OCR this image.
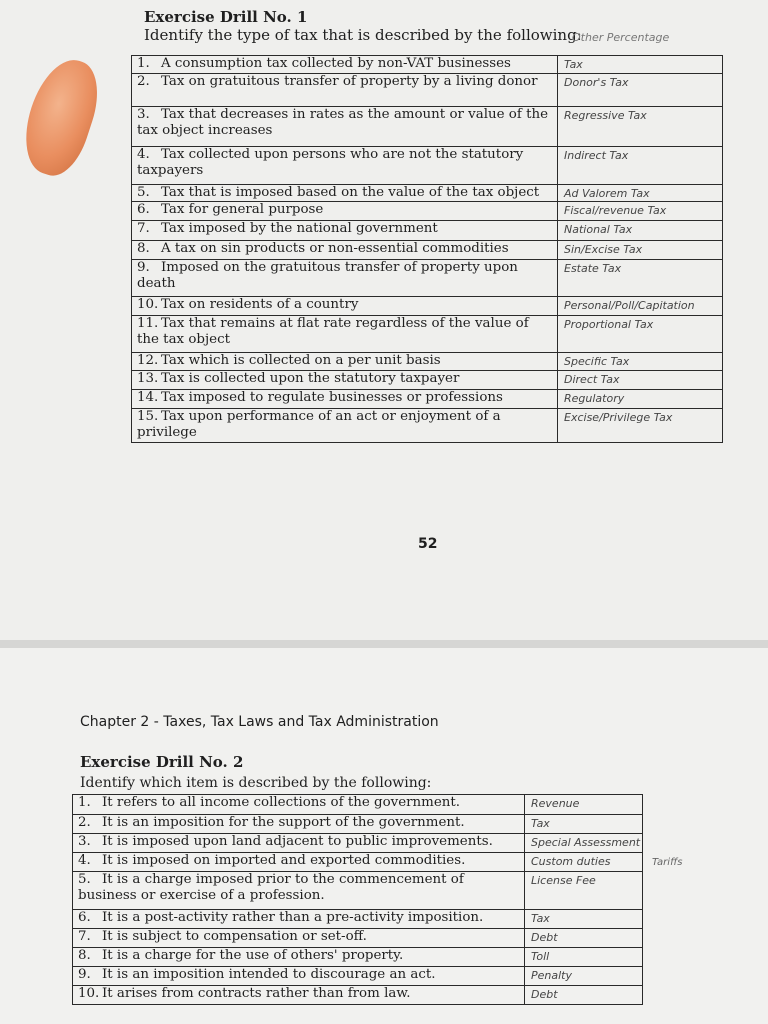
Exercise Drill No. 1
Identify the type of tax that is described by the following:
Other Percentage
1. A consumption tax collected by non-VAT businesses	Tax
2. Tax on gratuitous transfer of property by a living donor	Donor's Tax
3. Tax that decreases in rates as the amount or value of the tax object increases	Regressive Tax
4. Tax collected upon persons who are not the statutory taxpayers	Indirect Tax
5. Tax that is imposed based on the value of the tax object	Ad Valorem Tax
6. Tax for general purpose	Fiscal/revenue Tax
7. Tax imposed by the national government	National Tax
8. A tax on sin products or non-essential commodities	Sin/Excise Tax
9. Imposed on the gratuitous transfer of property upon death	Estate Tax
10. Tax on residents of a country	Personal/Poll/Capitation
11. Tax that remains at flat rate regardless of the value of the tax object	Proportional Tax
12. Tax which is collected on a per unit basis	Specific Tax
13. Tax is collected upon the statutory taxpayer	Direct Tax
14. Tax imposed to regulate businesses or professions	Regulatory
15. Tax upon performance of an act or enjoyment of a privilege	Excise/Privilege Tax
52
Chapter 2 - Taxes, Tax Laws and Tax Administration
Exercise Drill No. 2
Identify which item is described by the following:
Tariffs
1. It refers to all income collections of the government.	Revenue
2. It is an imposition for the support of the government.	Tax
3. It is imposed upon land adjacent to public improvements.	Special Assessment
4. It is imposed on imported and exported commodities.	Custom duties
5. It is a charge imposed prior to the commencement of business or exercise of a profession.	License Fee
6. It is a post-activity rather than a pre-activity imposition.	Tax
7. It is subject to compensation or set-off.	Debt
8. It is a charge for the use of others' property.	Toll
9. It is an imposition intended to discourage an act.	Penalty
10. It arises from contracts rather than from law.	Debt
